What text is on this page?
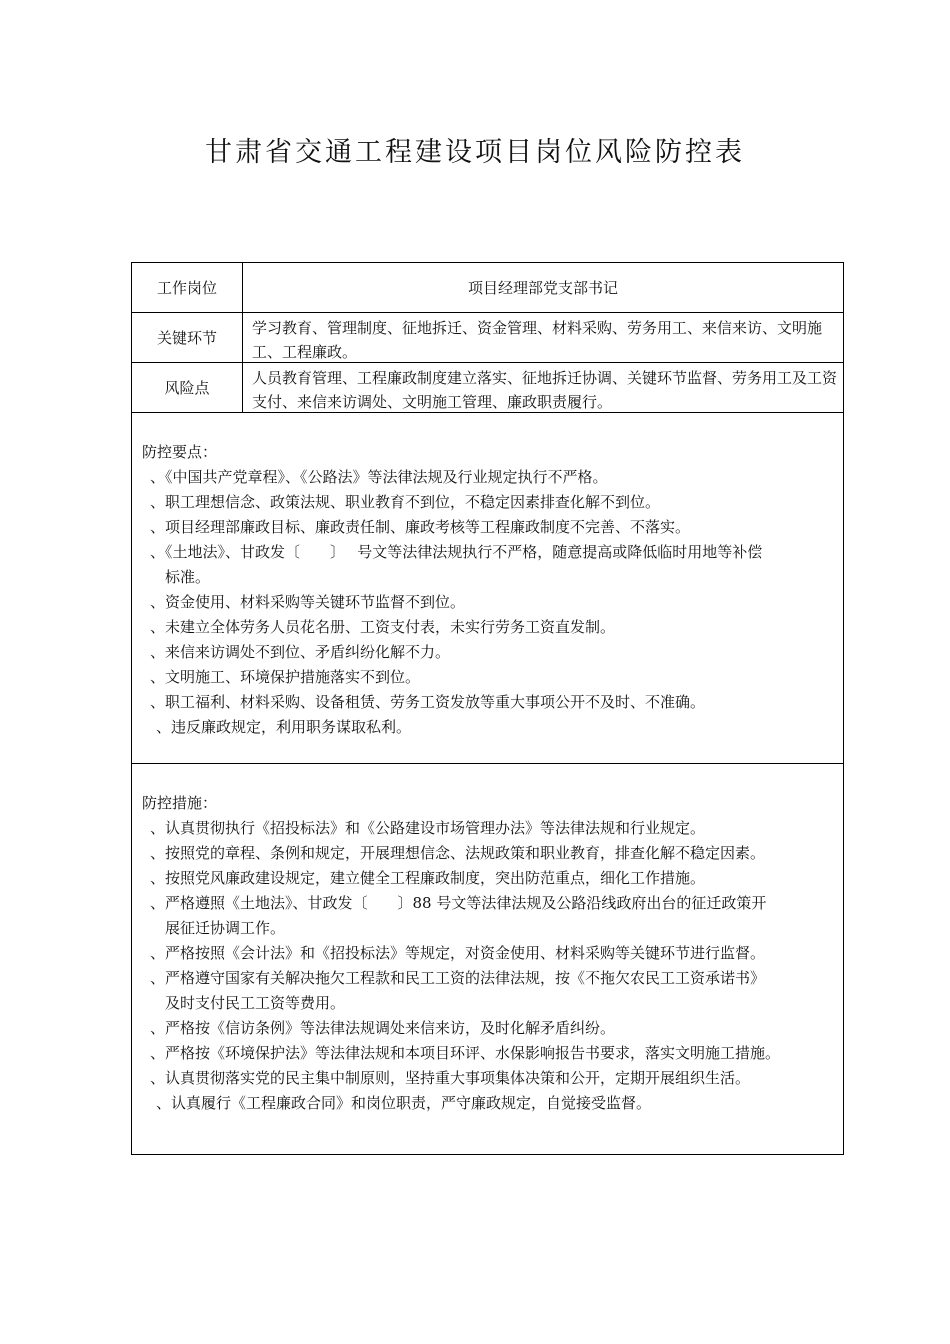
甘肃省交通工程建设项目岗位风险防控表
工作岗位	项目经理部党支部书记
关键环节
学习教育、管理制度、征地拆迁、资金管理、材料采购、劳务用工、来信来访、文明施工、工程廉政。
风险点
人员教育管理、工程廉政制度建立落实、征地拆迁协调、关键环节监督、劳务用工及工资支付、来信来访调处、文明施工管理、廉政职责履行。
防控要点：
、《中国共产党章程》、《公路法》等法律法规及行业规定执行不严格。
、职工理想信念、政策法规、职业教育不到位，不稳定因素排查化解不到位。
、项目经理部廉政目标、廉政责任制、廉政考核等工程廉政制度不完善、不落实。
、《土地法》、甘政发〔　　〕　 号文等法律法规执行不严格，随意提高或降低临时用地等补偿
标准。
、资金使用、材料采购等关键环节监督不到位。
、未建立全体劳务人员花名册、工资支付表，未实行劳务工资直发制。
、来信来访调处不到位、矛盾纠纷化解不力。
、文明施工、环境保护措施落实不到位。
、职工福利、材料采购、设备租赁、劳务工资发放等重大事项公开不及时、不准确。
、违反廉政规定，利用职务谋取私利。
防控措施：
、认真贯彻执行《招投标法》和《公路建设市场管理办法》等法律法规和行业规定。
、按照党的章程、条例和规定，开展理想信念、法规政策和职业教育，排查化解不稳定因素。
、按照党风廉政建设规定，建立健全工程廉政制度，突出防范重点，细化工作措施。
、严格遵照《土地法》、甘政发〔　　〕88 号文等法律法规及公路沿线政府出台的征迁政策开
展征迁协调工作。
、严格按照《会计法》和《招投标法》等规定，对资金使用、材料采购等关键环节进行监督。
、严格遵守国家有关解决拖欠工程款和民工工资的法律法规，按《不拖欠农民工工资承诺书》
及时支付民工工资等费用。
、严格按《信访条例》等法律法规调处来信来访，及时化解矛盾纠纷。
、严格按《环境保护法》等法律法规和本项目环评、水保影响报告书要求，落实文明施工措施。
、认真贯彻落实党的民主集中制原则，坚持重大事项集体决策和公开，定期开展组织生活。
、认真履行《工程廉政合同》和岗位职责，严守廉政规定，自觉接受监督。
